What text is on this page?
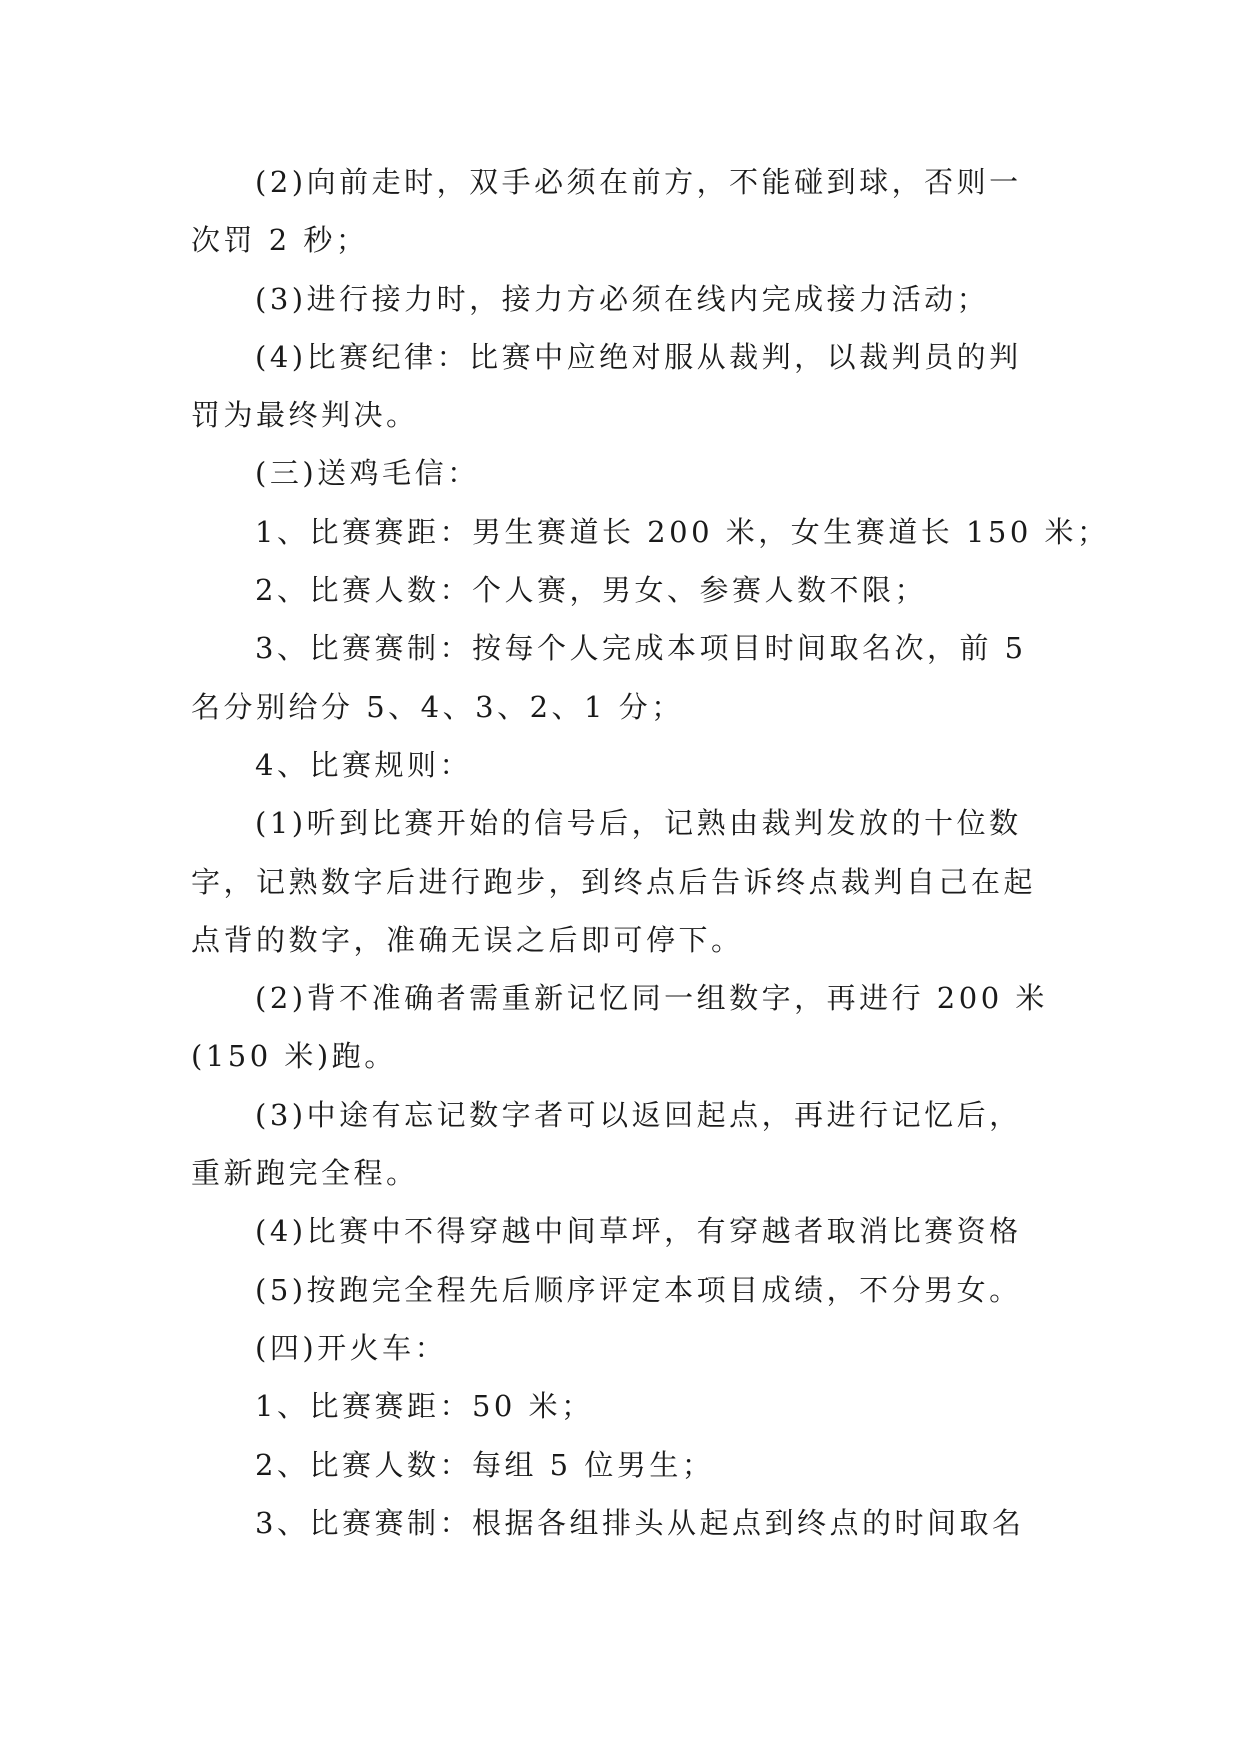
(2)向前走时，双手必须在前方，不能碰到球，否则一
次罚 2 秒；
(3)进行接力时，接力方必须在线内完成接力活动；
(4)比赛纪律：比赛中应绝对服从裁判，以裁判员的判
罚为最终判决。
(三)送鸡毛信：
1、比赛赛距：男生赛道长 200 米，女生赛道长 150 米；
2、比赛人数：个人赛，男女、参赛人数不限；
3、比赛赛制：按每个人完成本项目时间取名次，前 5
名分别给分 5、4、3、2、1 分；
4、比赛规则：
(1)听到比赛开始的信号后，记熟由裁判发放的十位数
字，记熟数字后进行跑步，到终点后告诉终点裁判自己在起
点背的数字，准确无误之后即可停下。
(2)背不准确者需重新记忆同一组数字，再进行 200 米
(150 米)跑。
(3)中途有忘记数字者可以返回起点，再进行记忆后，
重新跑完全程。
(4)比赛中不得穿越中间草坪，有穿越者取消比赛资格
(5)按跑完全程先后顺序评定本项目成绩，不分男女。
(四)开火车：
1、比赛赛距：50 米；
2、比赛人数：每组 5 位男生；
3、比赛赛制：根据各组排头从起点到终点的时间取名
